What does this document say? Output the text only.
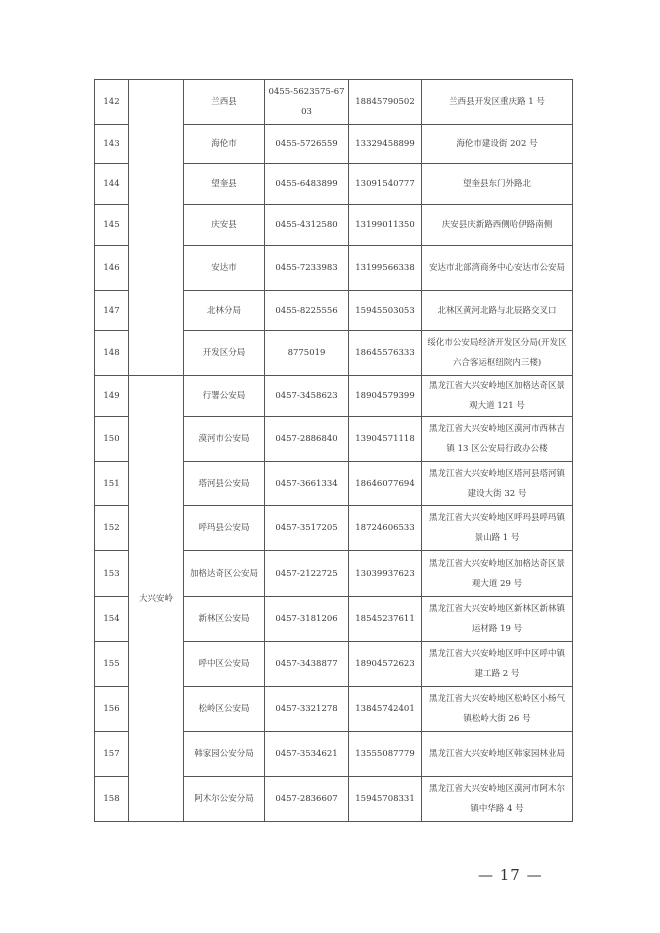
142		兰西县	0455-5623575-6703	18845790502	兰西县开发区重庆路 1 号
143		海伦市	0455-5726559	13329458899	海伦市建设街 202 号
144		望奎县	0455-6483899	13091540777	望奎县东门外路北
145		庆安县	0455-4312580	13199011350	庆安县庆新路西侧哈伊路南侧
146		安达市	0455-7233983	13199566338	安达市北部湾商务中心安达市公安局
147		北林分局	0455-8225556	15945503053	北林区黄河北路与北辰路交叉口
148		开发区分局	8775019	18645576333	绥化市公安局经济开发区分局(开发区六合客运枢纽院内三楼)
149	大兴安岭	行署公安局	0457-3458623	18904579399	黑龙江省大兴安岭地区加格达奇区景观大道 121 号
150		漠河市公安局	0457-2886840	13904571118	黑龙江省大兴安岭地区漠河市西林吉镇 13 区公安局行政办公楼
151		塔河县公安局	0457-3661334	18646077694	黑龙江省大兴安岭地区塔河县塔河镇建设大街 32 号
152		呼玛县公安局	0457-3517205	18724606533	黑龙江省大兴安岭地区呼玛县呼玛镇景山路 1 号
153		加格达奇区公安局	0457-2122725	13039937623	黑龙江省大兴安岭地区加格达奇区景观大道 29 号
154		新林区公安局	0457-3181206	18545237611	黑龙江省大兴安岭地区新林区新林镇运材路 19 号
155		呼中区公安局	0457-3438877	18904572623	黑龙江省大兴安岭地区呼中区呼中镇建工路 2 号
156		松岭区公安局	0457-3321278	13845742401	黑龙江省大兴安岭地区松岭区小杨气镇松岭大街 26 号
157		韩家园公安分局	0457-3534621	13555087779	黑龙江省大兴安岭地区韩家园林业局
158		阿木尔公安分局	0457-2836607	15945708331	黑龙江省大兴安岭地区漠河市阿木尔镇中华路 4 号
— 17 —
